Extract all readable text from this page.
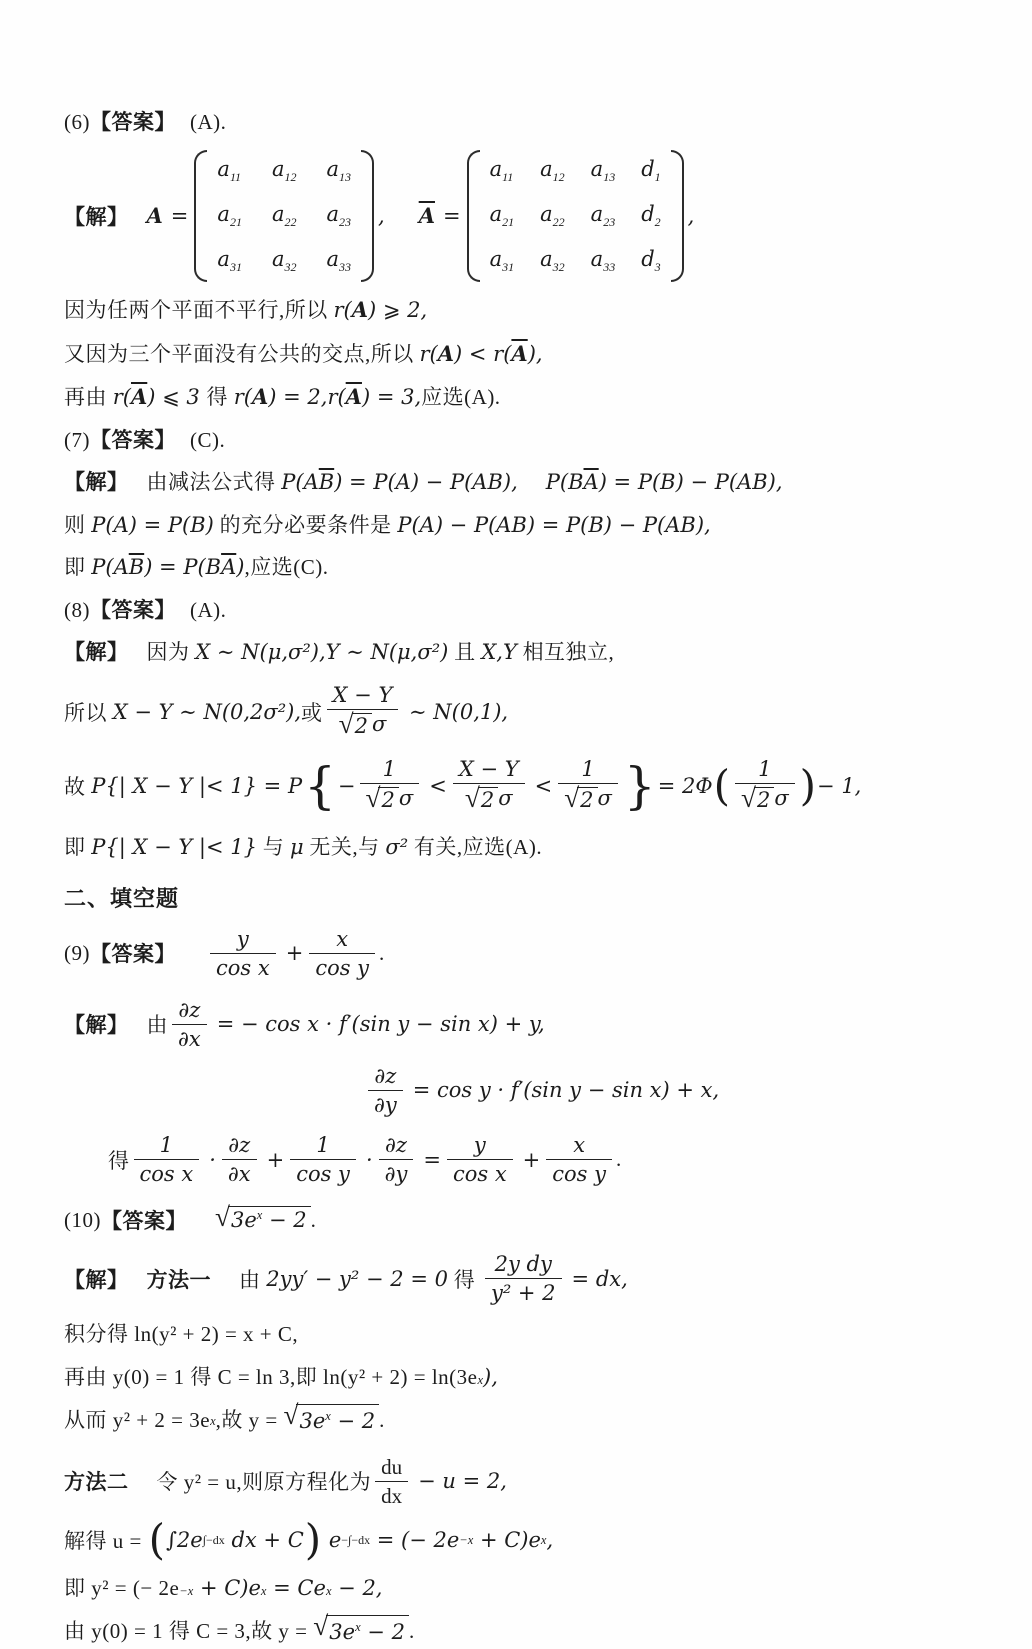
(6) 【答案】 (A).
【解】 A =
$a_{11}$ $a_{12}$ $a_{13}$
$a_{21}$ $a_{22}$ $a_{23}$
$a_{31}$ $a_{32}$ $a_{33}$
, $\overline{A}$ =
$a_{11}$ $a_{12}$ $a_{13}$ $d_1$
$a_{21}$ $a_{22}$ $a_{23}$ $d_2$
$a_{31}$ $a_{32}$ $a_{33}$ $d_3$
,
因为任两个平面不平行,所以 r( A ) ⩾ 2,
又因为三个平面没有公共的交点,所以 r( A ) < r( $\overline{A}$ ),
再由 r( $\overline{A}$ ) ⩽ 3 得 r( A ) = 2, r( $\overline{A}$ ) = 3, 应选(A).
(7) 【答案】 (C).
【解】 由减法公式得 P(A $\overline{B}$ ) = P(A) − P(AB), P(B $\overline{A}$ ) = P(B) − P(AB),
则 P(A) = P(B) 的充分必要条件是 P(A) − P(AB) = P(B) − P(AB),
即 P(A $\overline{B}$ ) = P(B $\overline{A}$ ) ,应选(C).
(8) 【答案】 (A).
【解】 因为 X ∼ N(μ,σ²),Y ∼ N(μ,σ²) 且 X,Y 相互独立,
所以 X − Y ∼ N(0,2σ²), 或 $\frac{X - Y}{√ 2 \sigma}$ ∼ N(0,1),
故 P{| X − Y |< 1} = P { − $\frac{1}{√ 2 \sigma} < \frac{X - Y}{√ 2 \sigma} < \frac{1}{√ 2 \sigma}$ } = 2Φ ( $\frac{1}{√ 2 \sigma}$ ) − 1,
即 P{| X − Y |< 1} 与 μ 无关,与 σ² 有关,应选(A).
二、填空题
(9) 【答案】 $\frac{y}{\text{cos x}} + \frac{x}{\text{cos y}}$ .
【解】 由 $\frac{\partial z}{\partial x}$ = − cos x · f′(sin y − sin x) + y,
$\frac{\partial z}{\partial y} = \cos y \cdot f'(\sin$ y − sin x) + x,
得 $\frac{1}{\text{cos x}} \cdot \frac{\partial z}{\partial x} + \frac{1}{\text{cos y}} \cdot \frac{\partial z}{\partial y} = \frac{y}{\text{cos x}} + \frac{x}{\text{cos y}}$ .
(10) 【答案】 √ $3e^x - 2$ .
【解】 方法一 由 2yy′ − y² − 2 = 0 得 $\frac{\text{2y dy}}{\text{y² + 2}}$ = dx,
积分得 ln(y² + 2) = x + C,
再由 y(0) = 1 得 C = ln 3,即 ln(y² + 2) = ln(3e x ),
从而 y² + 2 = 3e x ,故 y = √ $3e^x - 2$ .
方法二 令 y² = u,则原方程化为 $\frac{du}{dx} - u = 2$,
解得 u = ( ∫2e ∫−dx dx + C ) e −∫−dx = (− 2e −x + C)e x ,
即 y² = (− 2e −x + C)e x = Ce x − 2,
由 y(0) = 1 得 C = 3,故 y = √ $3e^x - 2$ .
